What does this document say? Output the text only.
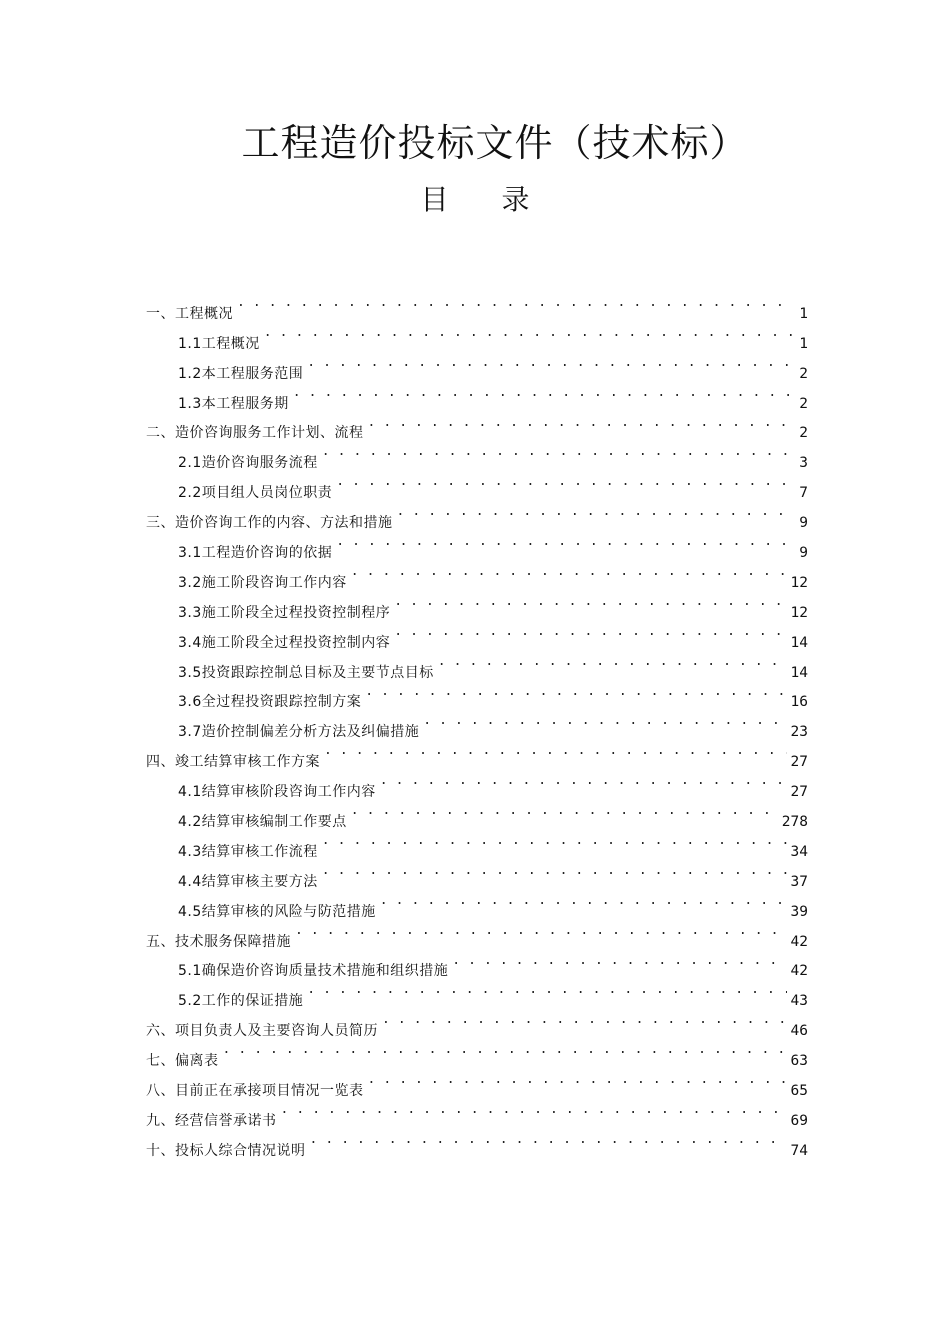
工程造价投标文件（技术标）
目 录
一、工程概况 . . .	1
1.1工程概况 . . .	1
1.2本工程服务范围 . . .	2
1.3本工程服务期 . . .	2
二、造价咨询服务工作计划、流程 . . .	2
2.1造价咨询服务流程 . . .	3
2.2项目组人员岗位职责 . . .	7
三、造价咨询工作的内容、方法和措施 . . .	9
3.1工程造价咨询的依据 . . .	9
3.2施工阶段咨询工作内容 . . .	12
3.3施工阶段全过程投资控制程序 . . .	12
3.4施工阶段全过程投资控制内容 . . .	14
3.5投资跟踪控制总目标及主要节点目标 . . .	14
3.6全过程投资跟踪控制方案 . . .	16
3.7造价控制偏差分析方法及纠偏措施 . . .	23
四、竣工结算审核工作方案 . . .	27
4.1结算审核阶段咨询工作内容 . . .	27
4.2结算审核编制工作要点 . . .	278
4.3结算审核工作流程 . . .	34
4.4结算审核主要方法 . . .	37
4.5结算审核的风险与防范措施 . . .	39
五、技术服务保障措施 . . .	42
5.1确保造价咨询质量技术措施和组织措施 . . .	42
5.2工作的保证措施 . . .	43
六、项目负责人及主要咨询人员简历 . . .	46
七、偏离表 . . .	63
八、目前正在承接项目情况一览表 . . .	65
九、经营信誉承诺书 . . .	69
十、投标人综合情况说明 . . .	74
